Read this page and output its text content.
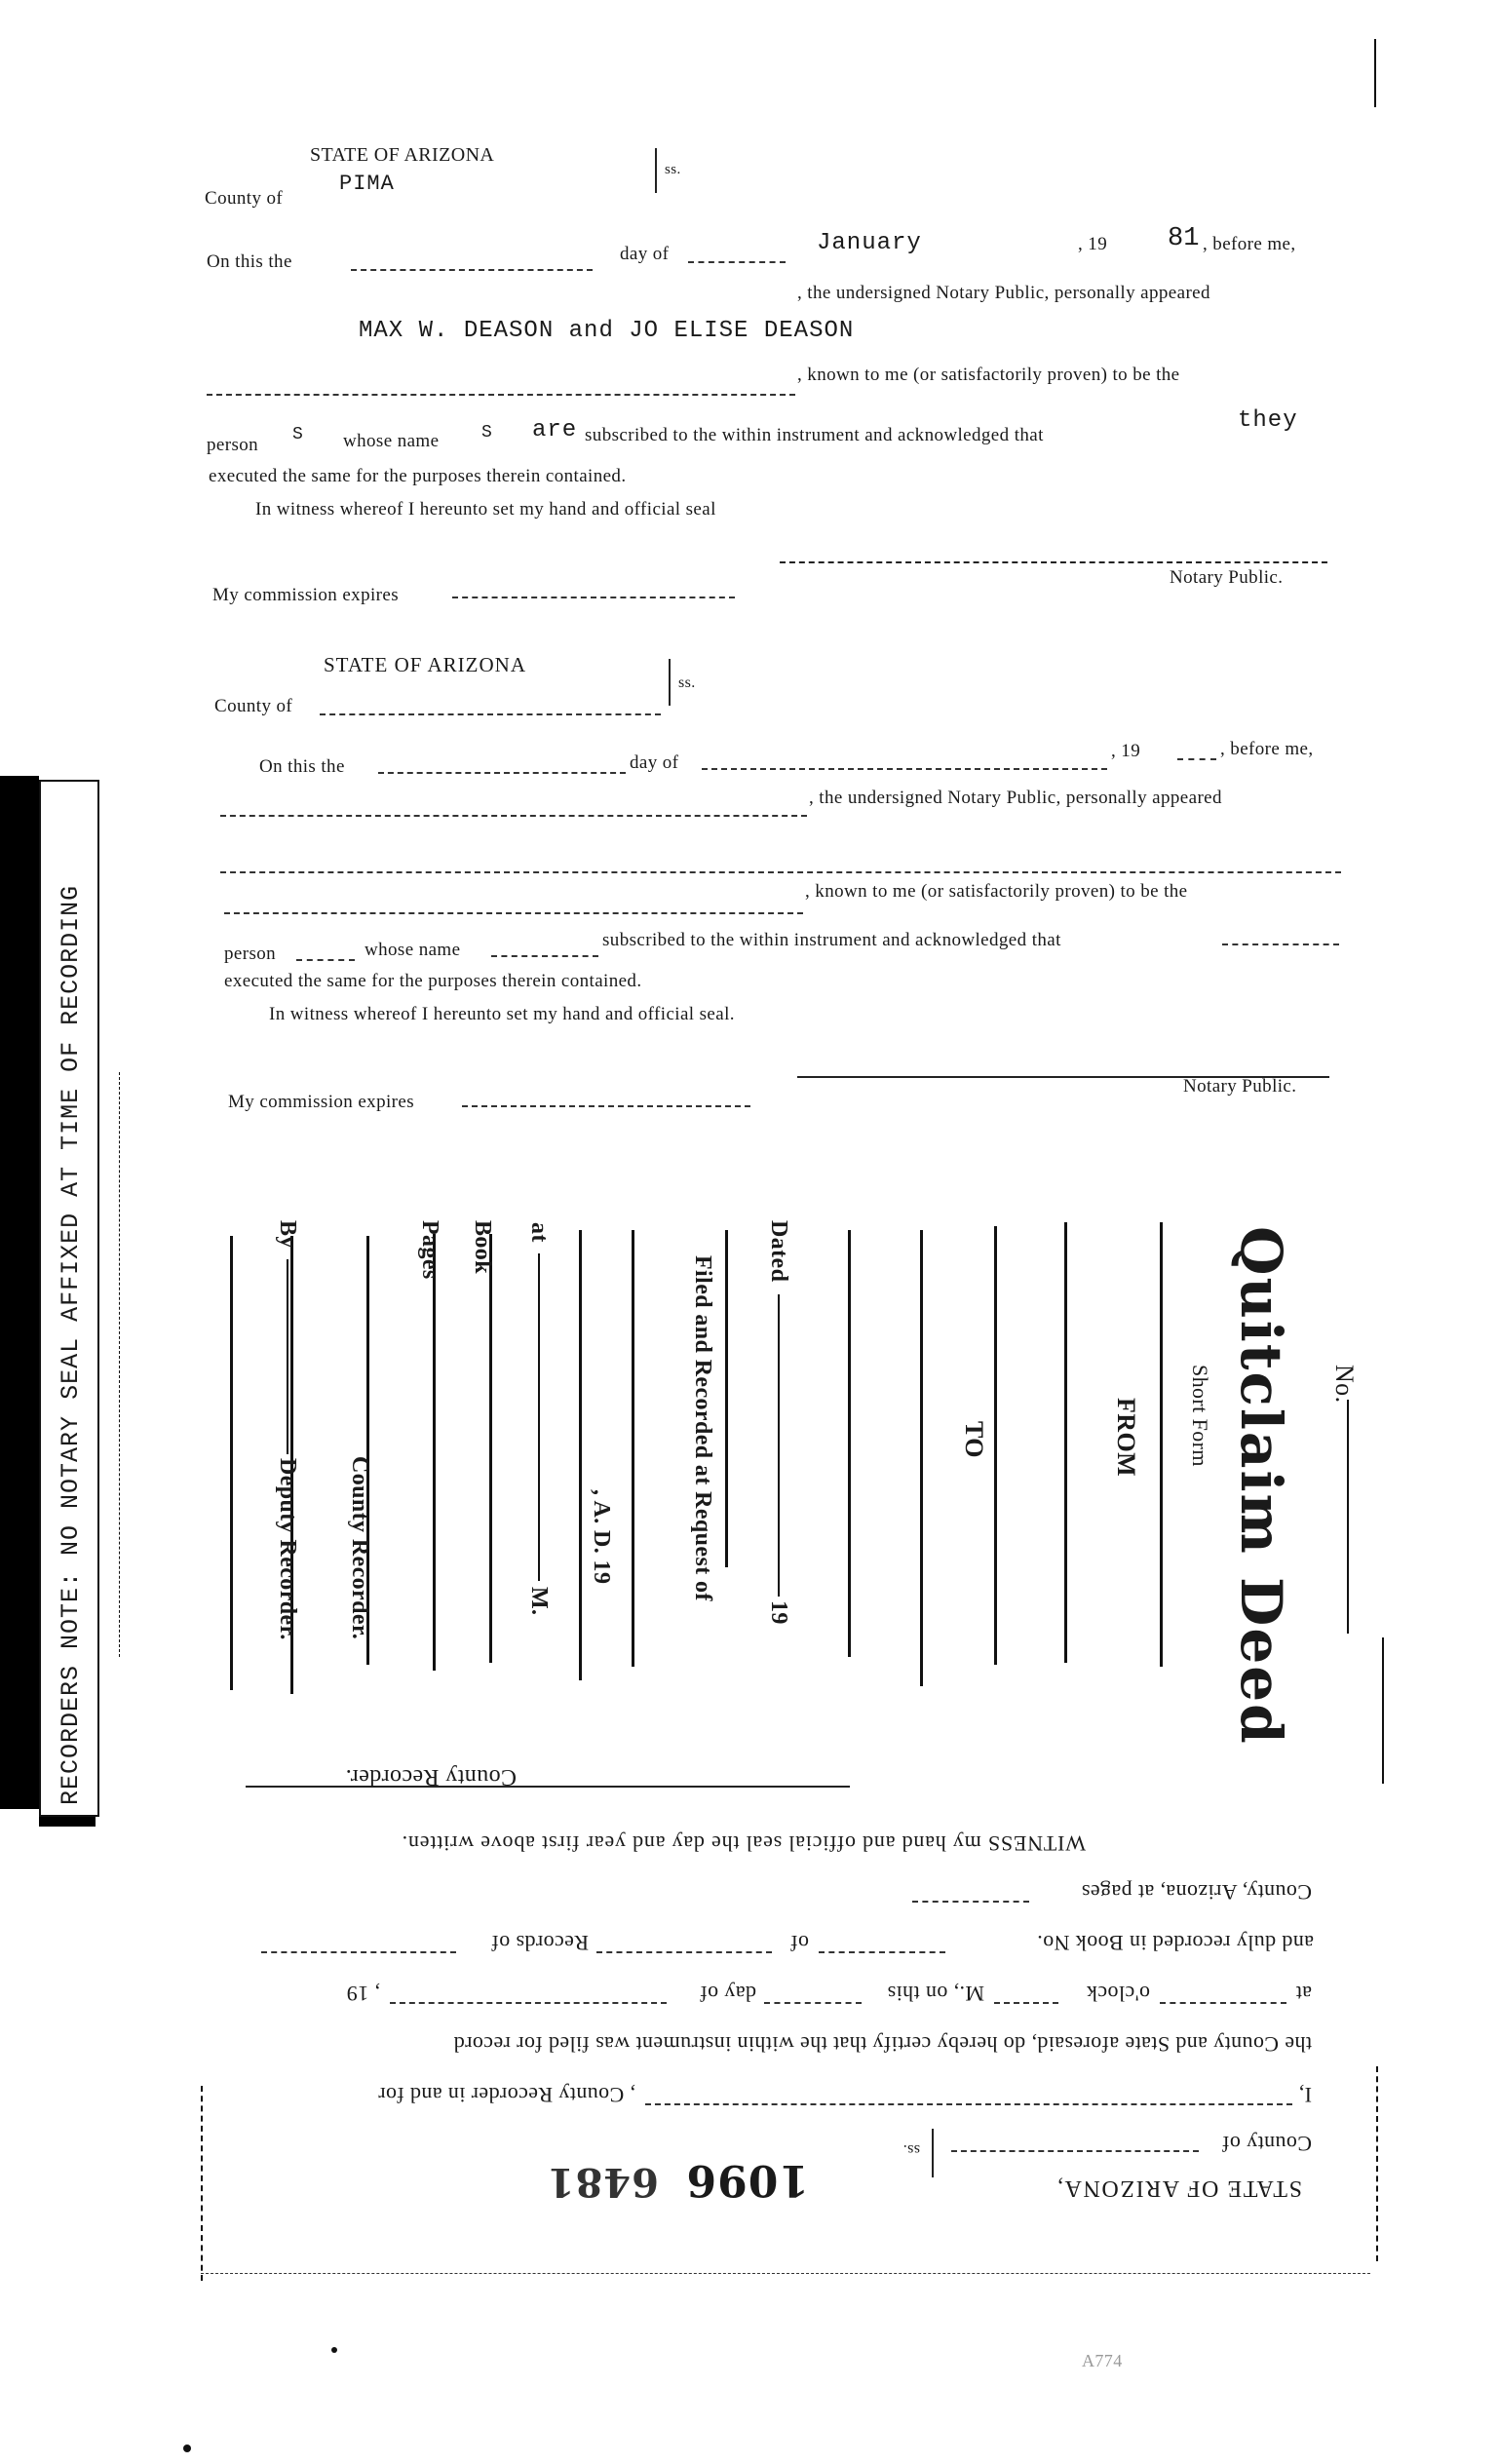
STATE OF ARIZONA
County of
PIMA
ss.
On this the	day of	January	, 19 81 , before me,
, the undersigned Notary Public, personally appeared
MAX W. DEASON and JO ELISE DEASON
, known to me (or satisfactorily proven) to be the
person S whose name S are subscribed to the within instrument and acknowledged that
they
executed the same for the purposes therein contained.
In witness whereof I hereunto set my hand and official seal
My commission expires
Notary Public.
STATE OF ARIZONA
County of
ss.
On this the	day of
, 19	, before me,
, the undersigned Notary Public, personally appeared
, known to me (or satisfactorily proven) to be the
person	whose name	subscribed to the within instrument and acknowledged that
executed the same for the purposes therein contained.
In witness whereof I hereunto set my hand and official seal.
My commission expires
Notary Public.
No.
Quitclaim Deed
Short Form
FROM
TO
Dated
19
Filed and Recorded at Request of
at
M.
, A. D. 19
Book
Pages
County Recorder.
By
Deputy Recorder.
County Recorder.
WITNESS my hand and official seal the day and year first above written.
County, Arizona, at pages
and duly recorded in Book No.
of
Records of
at
o'clock
M., on this
day of
, 19
the County and State aforesaid, do hereby certify that the within instrument was filed for record
I,
, County Recorder in and for
County of
ss.
1096
6481	STATE OF ARIZONA,
RECORDERS NOTE: NO NOTARY SEAL AFFIXED AT TIME OF RECORDING
A774
